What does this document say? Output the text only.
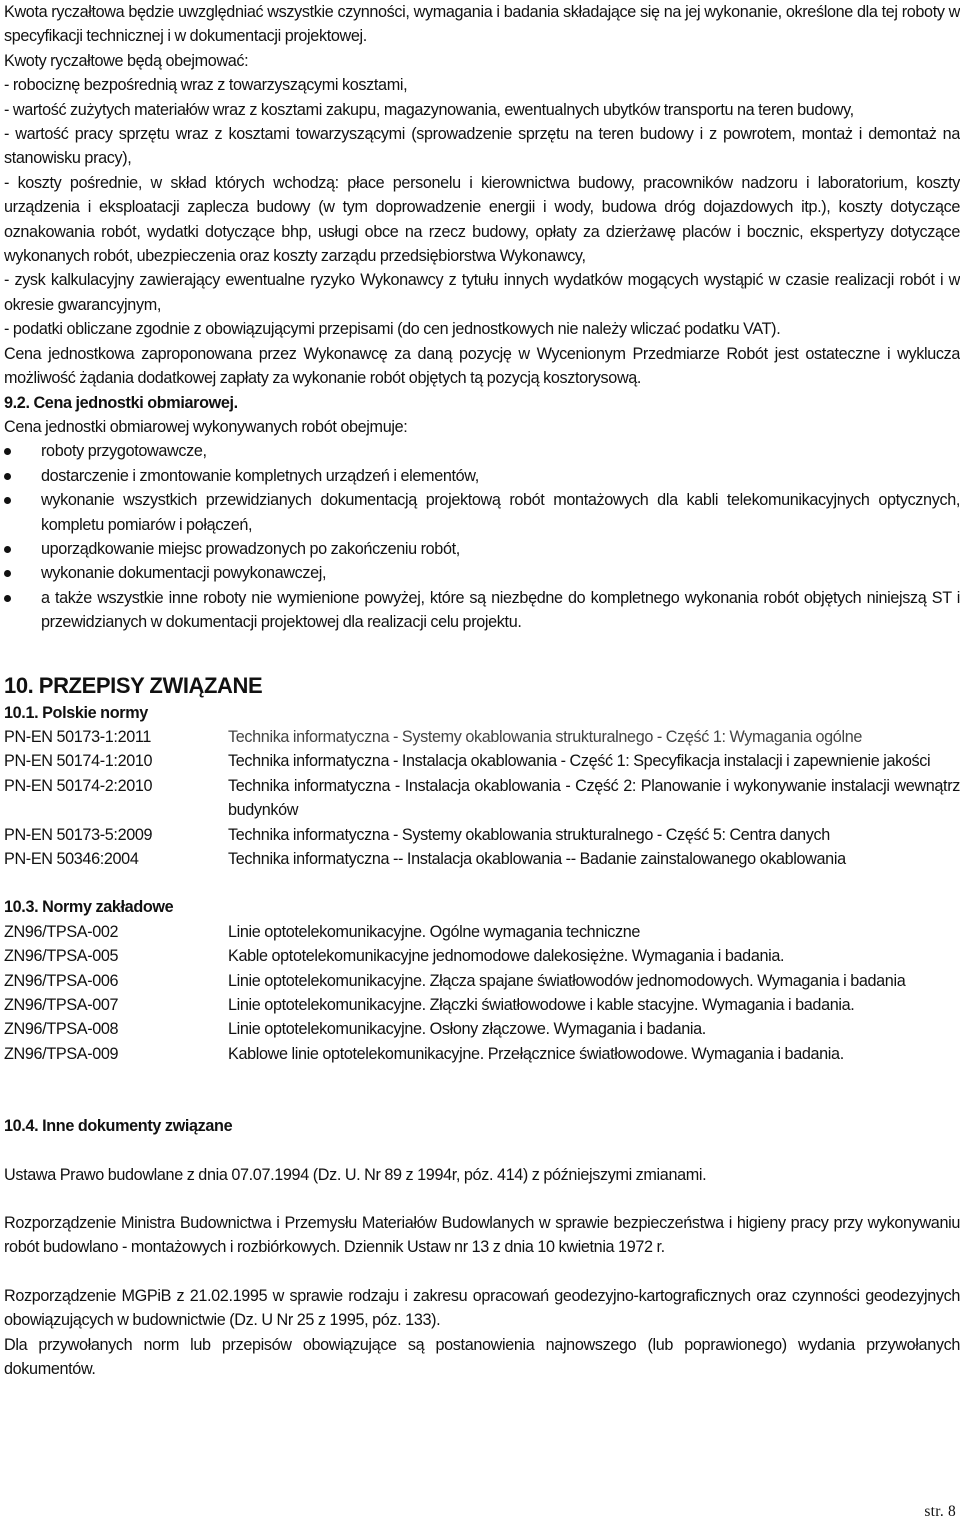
Kwota ryczałtowa będzie uwzględniać wszystkie czynności, wymagania i badania składające się na jej wykonanie, określone dla tej roboty w specyfikacji technicznej i w dokumentacji projektowej.

Kwoty ryczałtowe będą obejmować:

- robociznę bezpośrednią wraz z towarzyszącymi kosztami,

- wartość zużytych materiałów wraz z kosztami zakupu, magazynowania, ewentualnych ubytków transportu na teren budowy,

- wartość pracy sprzętu wraz z kosztami towarzyszącymi (sprowadzenie sprzętu na teren budowy i z powrotem, montaż i demontaż na stanowisku pracy),

- koszty pośrednie, w skład których wchodzą: płace personelu i kierownictwa budowy, pracowników nadzoru i laboratorium, koszty urządzenia i eksploatacji zaplecza budowy (w tym doprowadzenie energii i wody, budowa dróg dojazdowych itp.), koszty dotyczące oznakowania robót, wydatki dotyczące bhp, usługi obce na rzecz budowy, opłaty za dzierżawę placów i bocznic, ekspertyzy dotyczące wykonanych robót, ubezpieczenia oraz koszty zarządu przedsiębiorstwa Wykonawcy,

- zysk kalkulacyjny zawierający ewentualne ryzyko Wykonawcy z tytułu innych wydatków mogących wystąpić w czasie realizacji robót i w okresie gwarancyjnym,

- podatki obliczane zgodnie z obowiązującymi przepisami (do cen jednostkowych nie należy wliczać podatku VAT).

Cena jednostkowa zaproponowana przez Wykonawcę za daną pozycję w Wycenionym Przedmiarze Robót jest ostateczne i wyklucza możliwość żądania dodatkowej zapłaty za wykonanie robót objętych tą pozycją kosztorysową.

9.2. Cena jednostki obmiarowej.

Cena jednostki obmiarowej wykonywanych robót obejmuje:

roboty przygotowawcze,
dostarczenie i zmontowanie kompletnych urządzeń i elementów,
wykonanie wszystkich przewidzianych dokumentacją projektową robót montażowych dla kabli telekomunikacyjnych optycznych, kompletu pomiarów i połączeń,
uporządkowanie miejsc prowadzonych po zakończeniu robót,
wykonanie dokumentacji powykonawczej,
a także wszystkie inne roboty nie wymienione powyżej, które są niezbędne do kompletnego wykonania robót objętych niniejszą ST i przewidzianych w dokumentacji projektowej dla realizacji celu projektu.

10. PRZEPISY ZWIĄZANE

10.1. Polskie normy

PN-EN 50173-1:2011	Technika informatyczna - Systemy okablowania strukturalnego - Część 1: Wymagania ogólne
PN-EN 50174-1:2010	Technika informatyczna - Instalacja okablowania - Część 1: Specyfikacja instalacji i zapewnienie jakości
PN-EN 50174-2:2010	Technika informatyczna - Instalacja okablowania - Część 2: Planowanie i wykonywanie instalacji wewnątrz budynków
PN-EN 50173-5:2009	Technika informatyczna - Systemy okablowania strukturalnego - Część 5: Centra danych
PN-EN 50346:2004	Technika informatyczna -- Instalacja okablowania -- Badanie zainstalowanego okablowania

10.3. Normy zakładowe

ZN96/TPSA-002	Linie optotelekomunikacyjne. Ogólne wymagania techniczne
ZN96/TPSA-005	Kable optotelekomunikacyjne jednomodowe dalekosiężne. Wymagania i badania.
ZN96/TPSA-006	Linie optotelekomunikacyjne. Złącza spajane światłowodów jednomodowych. Wymagania i badania
ZN96/TPSA-007	Linie optotelekomunikacyjne. Złączki światłowodowe i kable stacyjne. Wymagania i badania.
ZN96/TPSA-008	Linie optotelekomunikacyjne. Osłony złączowe. Wymagania i badania.
ZN96/TPSA-009	Kablowe linie optotelekomunikacyjne. Przełącznice światłowodowe. Wymagania i badania.

10.4. Inne dokumenty związane

Ustawa Prawo budowlane z dnia 07.07.1994 (Dz. U. Nr 89 z 1994r, póz. 414) z późniejszymi zmianami.

Rozporządzenie Ministra Budownictwa i Przemysłu Materiałów Budowlanych w sprawie bezpieczeństwa i higieny pracy przy wykonywaniu robót budowlano - montażowych i rozbiórkowych. Dziennik Ustaw nr 13 z dnia 10 kwietnia 1972 r.

Rozporządzenie MGPiB z 21.02.1995 w sprawie rodzaju i zakresu opracowań geodezyjno-kartograficznych oraz czynności geodezyjnych obowiązujących w budownictwie (Dz. U Nr 25 z 1995, póz. 133).

Dla przywołanych norm lub przepisów obowiązujące są postanowienia najnowszego (lub poprawionego) wydania przywołanych dokumentów.

str. 8
